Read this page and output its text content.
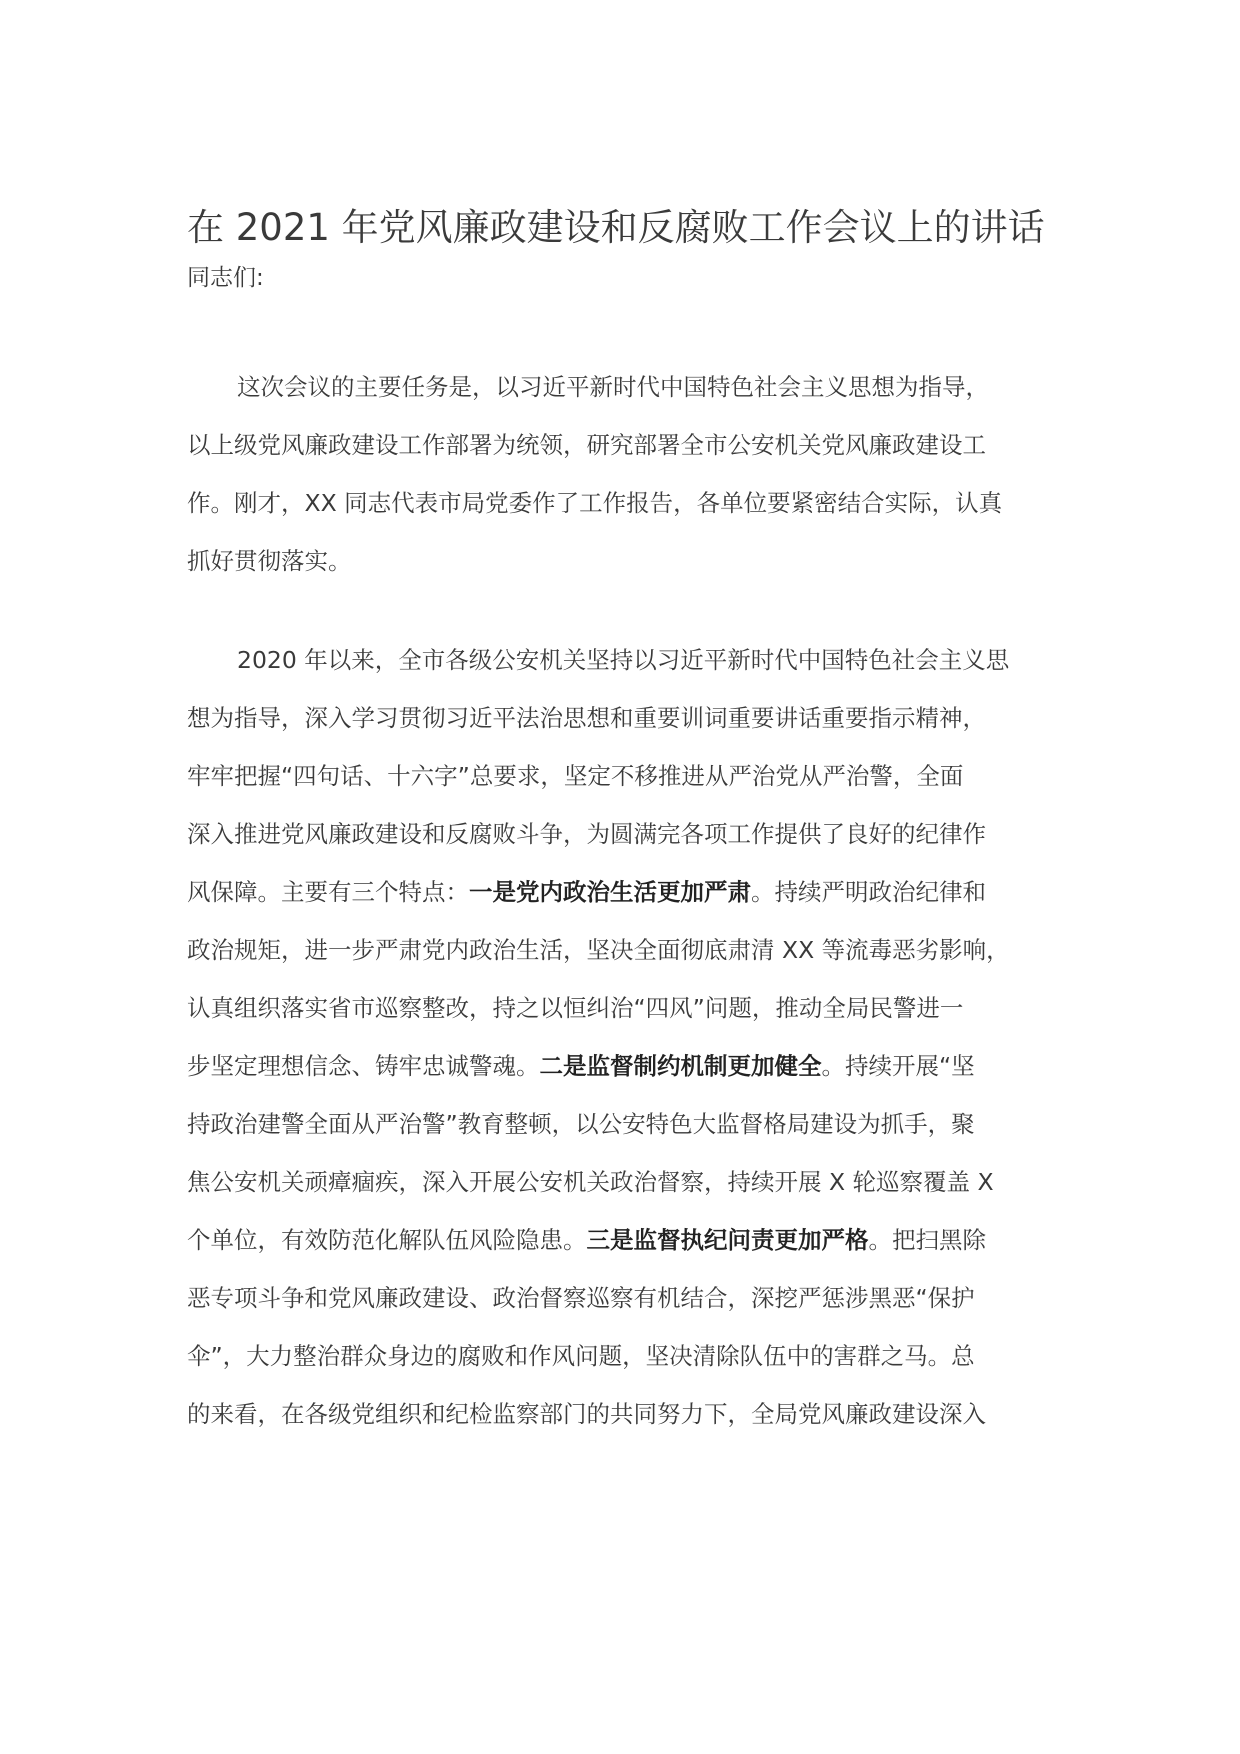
在 2021 年党风廉政建设和反腐败工作会议上的讲话
同志们:
这次会议的主要任务是，以习近平新时代中国特色社会主义思想为指导，
以上级党风廉政建设工作部署为统领，研究部署全市公安机关党风廉政建设工
作。刚才，XX 同志代表市局党委作了工作报告，各单位要紧密结合实际，认真
抓好贯彻落实。
2020 年以来，全市各级公安机关坚持以习近平新时代中国特色社会主义思
想为指导，深入学习贯彻习近平法治思想和重要训词重要讲话重要指示精神，
牢牢把握“四句话、十六字”总要求，坚定不移推进从严治党从严治警，全面
深入推进党风廉政建设和反腐败斗争，为圆满完各项工作提供了良好的纪律作
风保障。主要有三个特点：一是党内政治生活更加严肃。持续严明政治纪律和
政治规矩，进一步严肃党内政治生活，坚决全面彻底肃清 XX 等流毒恶劣影响，
认真组织落实省市巡察整改，持之以恒纠治“四风”问题，推动全局民警进一
步坚定理想信念、铸牢忠诚警魂。二是监督制约机制更加健全。持续开展“坚
持政治建警全面从严治警”教育整顿，以公安特色大监督格局建设为抓手，聚
焦公安机关顽瘴痼疾，深入开展公安机关政治督察，持续开展 X 轮巡察覆盖 X
个单位，有效防范化解队伍风险隐患。三是监督执纪问责更加严格。把扫黑除
恶专项斗争和党风廉政建设、政治督察巡察有机结合，深挖严惩涉黑恶“保护
伞”，大力整治群众身边的腐败和作风问题，坚决清除队伍中的害群之马。总
的来看，在各级党组织和纪检监察部门的共同努力下，全局党风廉政建设深入
